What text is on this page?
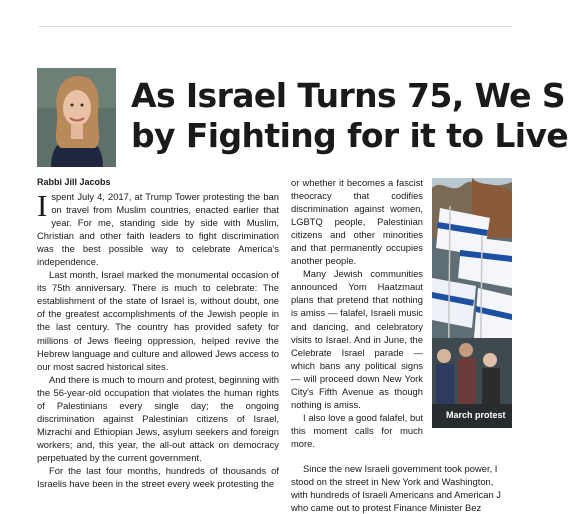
As Israel Turns 75, We S
by Fighting for it to Live
Rabbi Jill Jacobs

Ispent July 4, 2017, at Trump Tower protesting the ban on travel from Muslim countries, enacted earlier that year. For me, standing side by side with Muslim, Christian and other faith leaders to fight discrimination was the best possible way to celebrate America's independence.

Last month, Israel marked the monumental occasion of its 75th anniversary. There is much to celebrate: The establishment of the state of Israel is, without doubt, one of the greatest accomplishments of the Jewish people in the last century. The country has provided safety for millions of Jews fleeing oppression, helped revive the Hebrew language and culture and allowed Jews access to our most sacred historical sites.

And there is much to mourn and protest, beginning with the 56-year-old occupation that violates the human rights of Palestinians every single day; the ongoing discrimination against Palestinian citizens of Israel, Mizrachi and Ethiopian Jews, asylum seekers and foreign workers; and, this year, the all-out attack on democracy perpetuated by the current government.

For the last four months, hundreds of thousands of Israelis have been in the street every week protesting the

or whether it becomes a fascist theocracy that codifies discrimination against women, LGBTQ people, Palestinian citizens and other minorities and that permanently occupies another people.

Many Jewish communities announced Yom Haatzmaut plans that pretend that nothing is amiss — falafel, Israeli music and dancing, and celebratory visits to Israel. And in June, the Celebrate Israel parade — which bans any political signs — will proceed down New York City's Fifth Avenue as though nothing is amiss.

I also love a good falafel, but this moment calls for much more.

March protest

Since the new Israeli government took power, I

stood on the street in New York and Washington,

with hundreds of Israeli Americans and American J

who came out to protest Finance Minister Bez
